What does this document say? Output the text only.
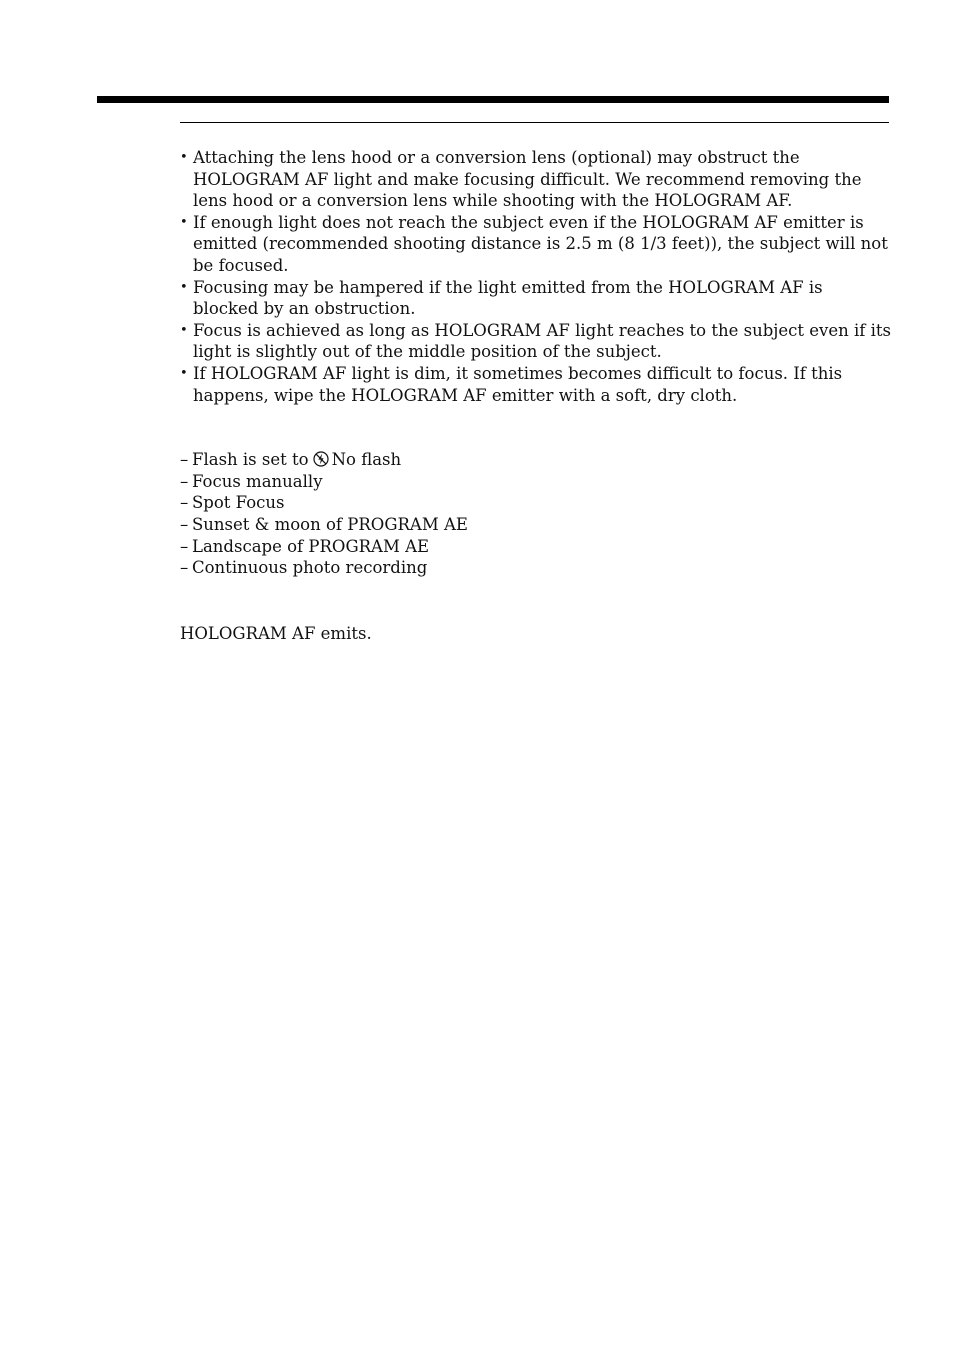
• Attaching the lens hood or a conversion lens (optional) may obstruct the HOLOGRAM AF light and make focusing difficult. We recommend removing the lens hood or a conversion lens while shooting with the HOLOGRAM AF.
• If enough light does not reach the subject even if the HOLOGRAM AF emitter is emitted (recommended shooting distance is 2.5 m (8 1/3 feet)), the subject will not be focused.
• Focusing may be hampered if the light emitted from the HOLOGRAM AF is blocked by an obstruction.
• Focus is achieved as long as HOLOGRAM AF light reaches to the subject even if its light is slightly out of the middle position of the subject.
• If HOLOGRAM AF light is dim, it sometimes becomes difficult to focus. If this happens, wipe the HOLOGRAM AF emitter with a soft, dry cloth.
– Flash is set to No flash
– Focus manually
– Spot Focus
– Sunset & moon of PROGRAM AE
– Landscape of PROGRAM AE
– Continuous photo recording

HOLOGRAM AF emits.
